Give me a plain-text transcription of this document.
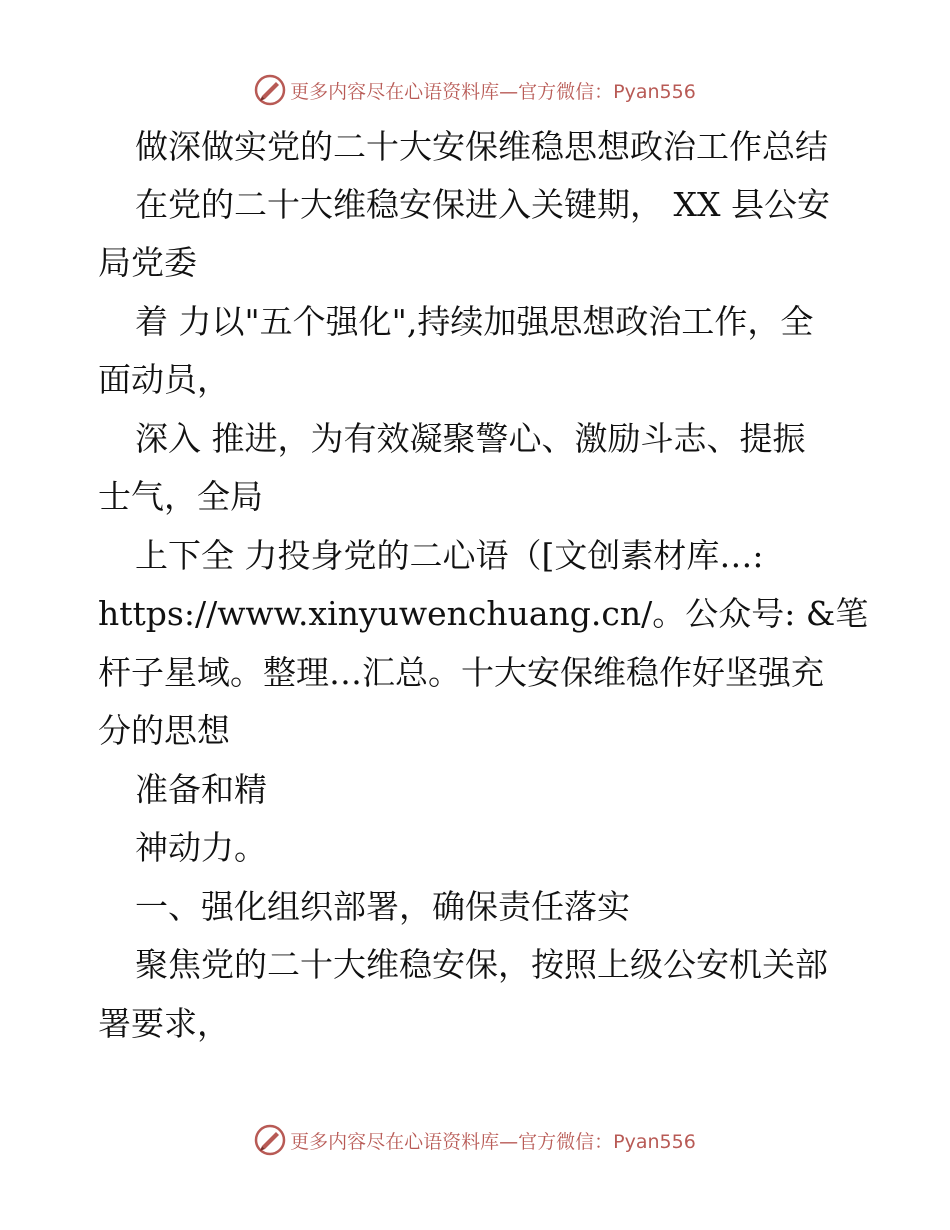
更多内容尽在心语资料库—官方微信：Pyan556
做深做实党的二十大安保维稳思想政治工作总结
在党的二十大维稳安保进入关键期， XX 县公安
局党委
着 力以"五个强化",持续加强思想政治工作，全
面动员，
深入 推进，为有效凝聚警心、激励斗志、提振
士气，全局
上下全 力投身党的二心语（[文创素材库…:
https://www.xinyuwenchuang.cn/。公众号: &笔
杆子星域。整理…汇总。十大安保维稳作好坚强充
分的思想
准备和精
神动力。
一、强化组织部署，确保责任落实
聚焦党的二十大维稳安保，按照上级公安机关部
署要求，
更多内容尽在心语资料库—官方微信：Pyan556
